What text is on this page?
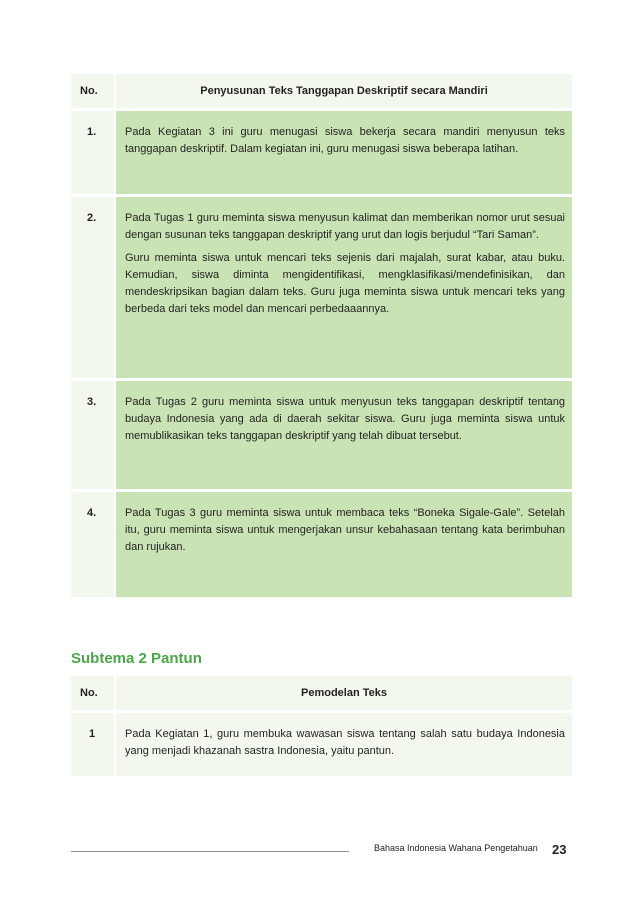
No.	Penyusunan Teks Tanggapan Deskriptif secara Mandiri
1.	Pada Kegiatan 3 ini guru menugasi siswa bekerja secara mandiri menyusun teks tanggapan deskriptif. Dalam kegiatan ini, guru menugasi siswa beberapa latihan.

2.	Pada Tugas 1 guru meminta siswa menyusun kalimat dan memberikan nomor urut sesuai dengan susunan teks tanggapan deskriptif yang urut dan logis berjudul “Tari Saman”.

Guru meminta siswa untuk mencari teks sejenis dari majalah, surat kabar, atau buku. Kemudian, siswa diminta mengidentifikasi, mengklasifikasi/mendefinisikan, dan mendeskripsikan bagian dalam teks. Guru juga meminta siswa untuk mencari teks yang berbeda dari teks model dan mencari perbedaaannya.

3.	Pada Tugas 2 guru meminta siswa untuk menyusun teks tanggapan deskriptif tentang budaya Indonesia yang ada di daerah sekitar siswa. Guru juga meminta siswa untuk memublikasikan teks tanggapan deskriptif yang telah dibuat tersebut.

4.	Pada Tugas 3 guru meminta siswa untuk membaca teks “Boneka Sigale-Gale”. Setelah itu, guru meminta siswa untuk mengerjakan unsur kebahasaan tentang kata berimbuhan dan rujukan.

Subtema 2 Pantun
No.	Pemodelan Teks
1	Pada Kegiatan 1, guru membuka wawasan siswa tentang salah satu budaya Indonesia yang menjadi khazanah sastra Indonesia, yaitu pantun.

Bahasa Indonesia Wahana Pengetahuan 23
